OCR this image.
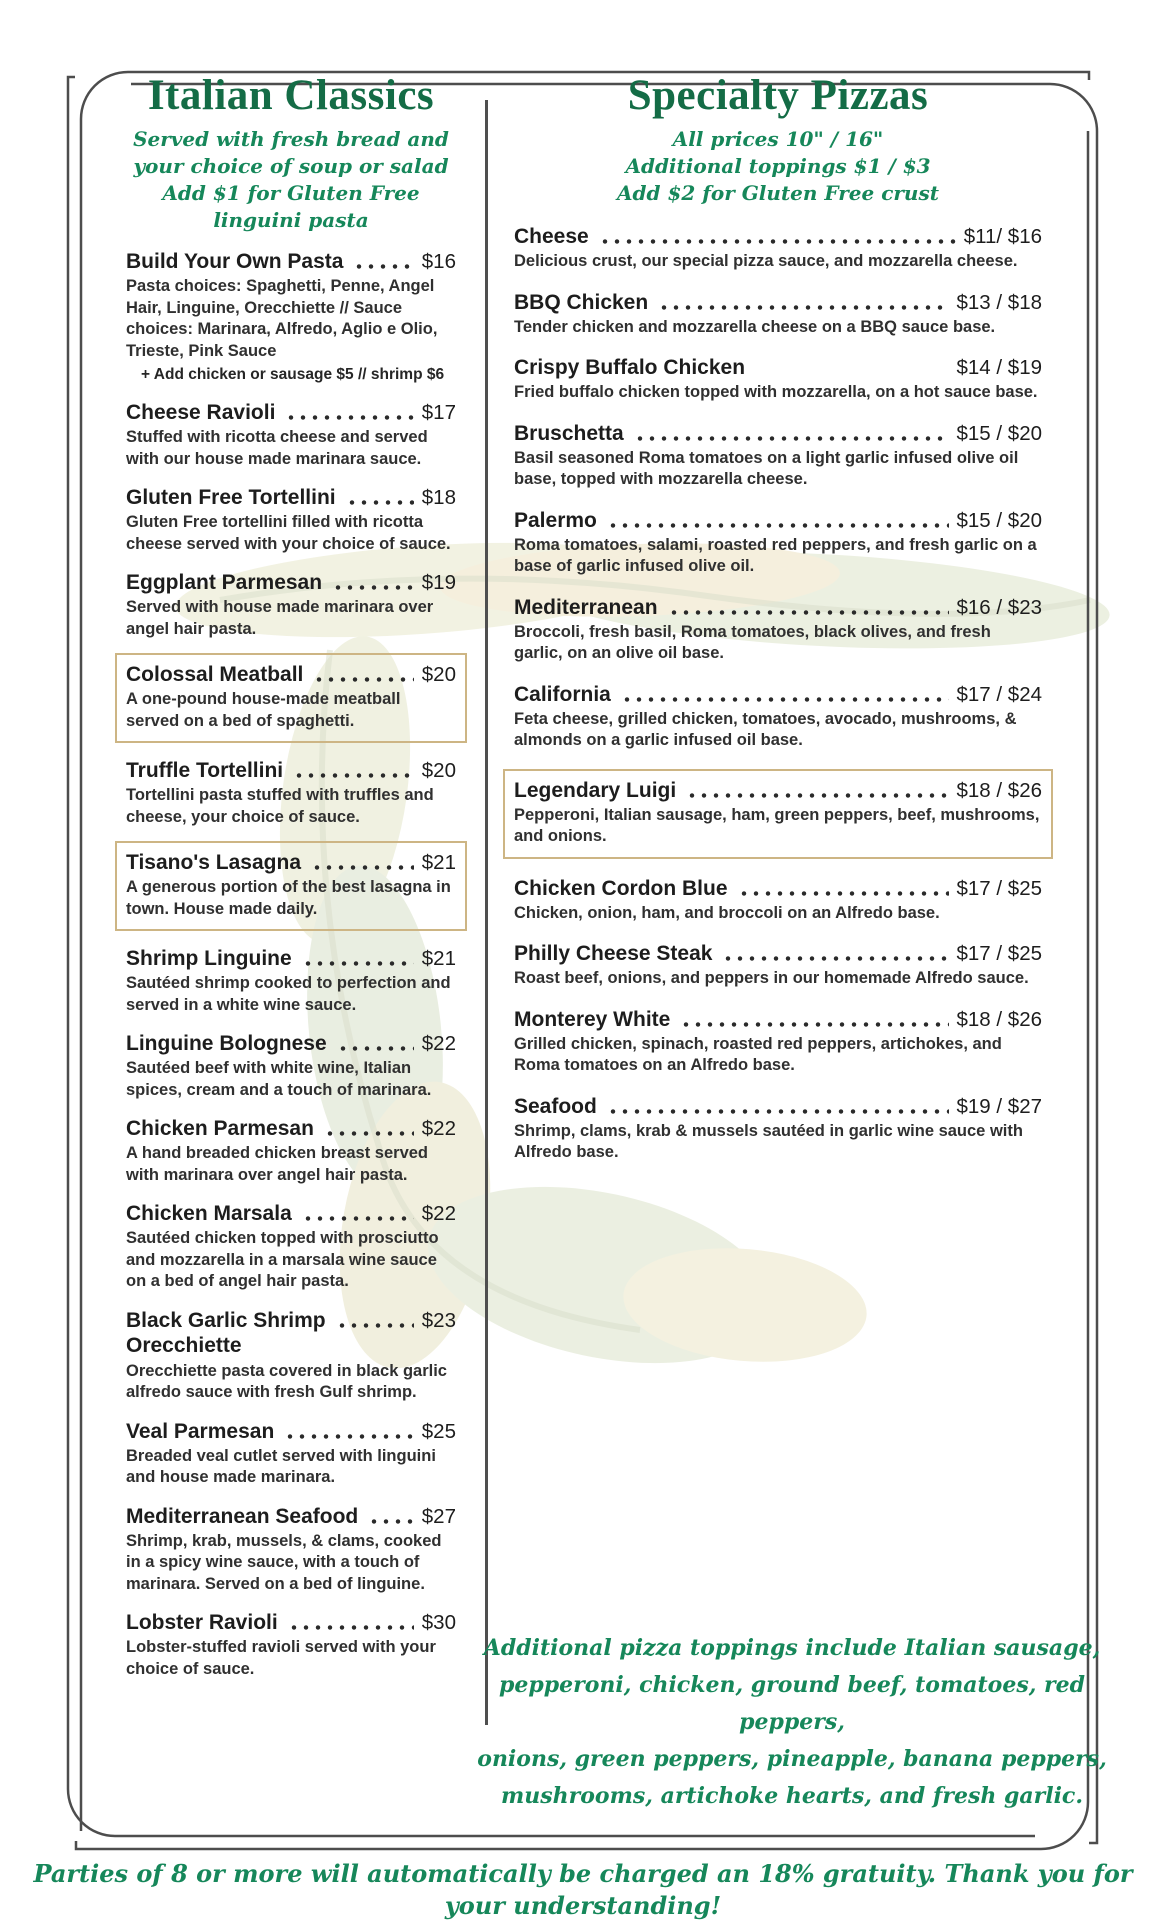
Italian Classics
Served with fresh bread and your choice of soup or salad
Add $1 for Gluten Free linguini pasta
Build Your Own Pasta	$16
Pasta choices: Spaghetti, Penne, Angel Hair, Linguine, Orecchiette // Sauce choices: Marinara, Alfredo, Aglio e Olio, Trieste, Pink Sauce
+ Add chicken or sausage $5 // shrimp $6
Cheese Ravioli	$17
Stuffed with ricotta cheese and served with our house made marinara sauce.
Gluten Free Tortellini	$18
Gluten Free tortellini filled with ricotta cheese served with your choice of sauce.
Eggplant Parmesan	$19
Served with house made marinara over angel hair pasta.
Colossal Meatball	$20
A one-pound house-made meatball served on a bed of spaghetti.
Truffle Tortellini	$20
Tortellini pasta stuffed with truffles and cheese, your choice of sauce.
Tisano's Lasagna	$21
A generous portion of the best lasagna in town. House made daily.
Shrimp Linguine	$21
Sautéed shrimp cooked to perfection and served in a white wine sauce.
Linguine Bolognese	$22
Sautéed beef with white wine, Italian spices, cream and a touch of marinara.
Chicken Parmesan	$22
A hand breaded chicken breast served with marinara over angel hair pasta.
Chicken Marsala	$22
Sautéed chicken topped with prosciutto and mozzarella in a marsala wine sauce on a bed of angel hair pasta.
Black Garlic Shrimp	$23
Orecchiette
Orecchiette pasta covered in black garlic alfredo sauce with fresh Gulf shrimp.
Veal Parmesan	$25
Breaded veal cutlet served with linguini and house made marinara.
Mediterranean Seafood	$27
Shrimp, krab, mussels, & clams, cooked in a spicy wine sauce, with a touch of marinara. Served on a bed of linguine.
Lobster Ravioli	$30
Lobster-stuffed ravioli served with your choice of sauce.
Specialty Pizzas
All prices 10" / 16"
Additional toppings $1 / $3
Add $2 for Gluten Free crust
Cheese	$11/ $16
Delicious crust, our special pizza sauce, and mozzarella cheese.
BBQ Chicken	$13 / $18
Tender chicken and mozzarella cheese on a BBQ sauce base.
Crispy Buffalo Chicken	$14 / $19
Fried buffalo chicken topped with mozzarella, on a hot sauce base.
Bruschetta	$15 / $20
Basil seasoned Roma tomatoes on a light garlic infused olive oil base, topped with mozzarella cheese.
Palermo	$15 / $20
Roma tomatoes, salami, roasted red peppers, and fresh garlic on a base of garlic infused olive oil.
Mediterranean	$16 / $23
Broccoli, fresh basil, Roma tomatoes, black olives, and fresh garlic, on an olive oil base.
California	$17 / $24
Feta cheese, grilled chicken, tomatoes, avocado, mushrooms, & almonds on a garlic infused oil base.
Legendary Luigi	$18 / $26
Pepperoni, Italian sausage, ham, green peppers, beef, mushrooms, and onions.
Chicken Cordon Blue	$17 / $25
Chicken, onion, ham, and broccoli on an Alfredo base.
Philly Cheese Steak	$17 / $25
Roast beef, onions, and peppers in our homemade Alfredo sauce.
Monterey White	$18 / $26
Grilled chicken, spinach, roasted red peppers, artichokes, and Roma tomatoes on an Alfredo base.
Seafood	$19 / $27
Shrimp, clams, krab & mussels sautéed in garlic wine sauce with Alfredo base.
Additional pizza toppings include Italian sausage,
pepperoni, chicken, ground beef, tomatoes, red peppers,
onions, green peppers, pineapple, banana peppers,
mushrooms, artichoke hearts, and fresh garlic.
Parties of 8 or more will automatically be charged an 18% gratuity. Thank you for your understanding!
